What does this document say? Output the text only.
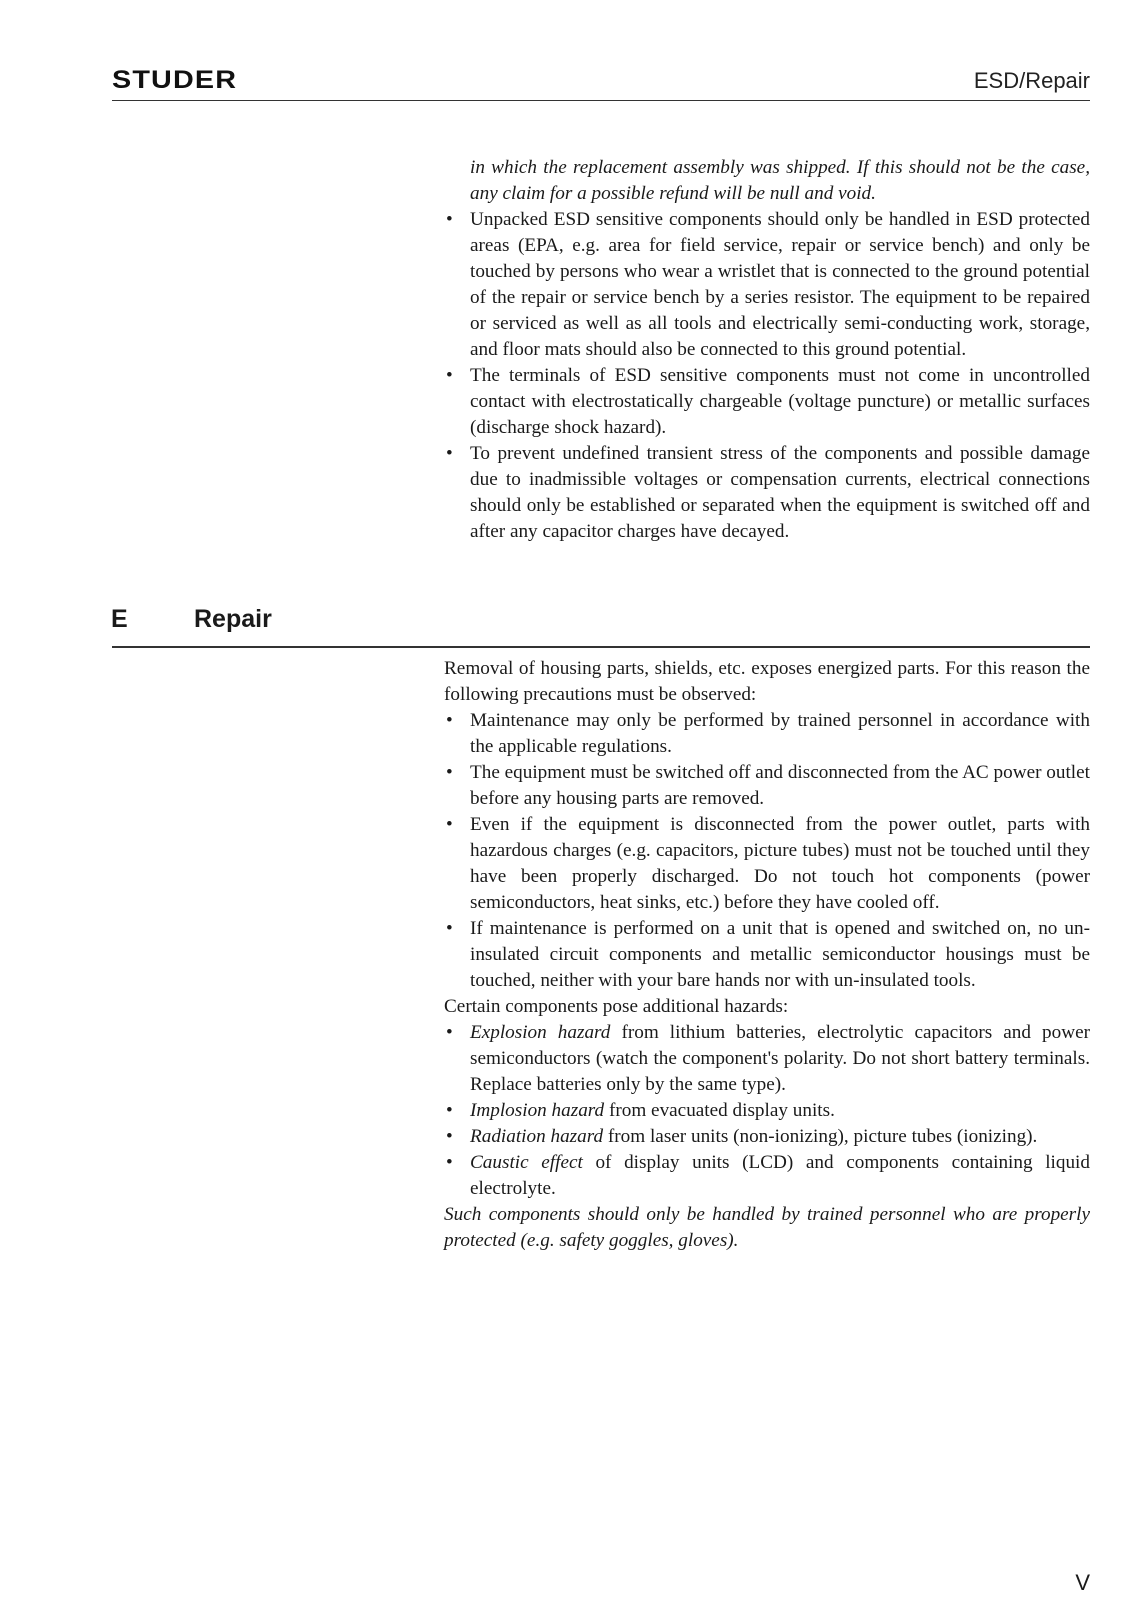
STUDER	ESD/Repair

in which the replacement assembly was shipped. If this should not be the case, any claim for a possible refund will be null and void.

• Unpacked ESD sensitive components should only be handled in ESD protected areas (EPA, e.g. area for field service, repair or service bench) and only be touched by persons who wear a wristlet that is connected to the ground potential of the repair or service bench by a series resistor. The equipment to be repaired or serviced as well as all tools and electrically semi-conducting work, storage, and floor mats should also be connected to this ground potential.
• The terminals of ESD sensitive components must not come in uncontrolled contact with electrostatically chargeable (voltage puncture) or metallic surfaces (discharge shock hazard).
• To prevent undefined transient stress of the components and possible damage due to inadmissible voltages or compensation currents, electrical connections should only be established or separated when the equipment is switched off and after any capacitor charges have decayed.
E	Repair

Removal of housing parts, shields, etc. exposes energized parts. For this reason the following precautions must be observed:

• Maintenance may only be performed by trained personnel in accordance with the applicable regulations.
• The equipment must be switched off and disconnected from the AC power outlet before any housing parts are removed.
• Even if the equipment is disconnected from the power outlet, parts with hazardous charges (e.g. capacitors, picture tubes) must not be touched until they have been properly discharged. Do not touch hot components (power semiconductors, heat sinks, etc.) before they have cooled off.
• If maintenance is performed on a unit that is opened and switched on, no un-insulated circuit components and metallic semiconductor housings must be touched, neither with your bare hands nor with un-insulated tools.

Certain components pose additional hazards:

• Explosion hazard from lithium batteries, electrolytic capacitors and power semiconductors (watch the component's polarity. Do not short battery terminals. Replace batteries only by the same type).
• Implosion hazard from evacuated display units.
• Radiation hazard from laser units (non-ionizing), picture tubes (ionizing).
• Caustic effect of display units (LCD) and components containing liquid electrolyte.

Such components should only be handled by trained personnel who are properly protected (e.g. safety goggles, gloves).

V
